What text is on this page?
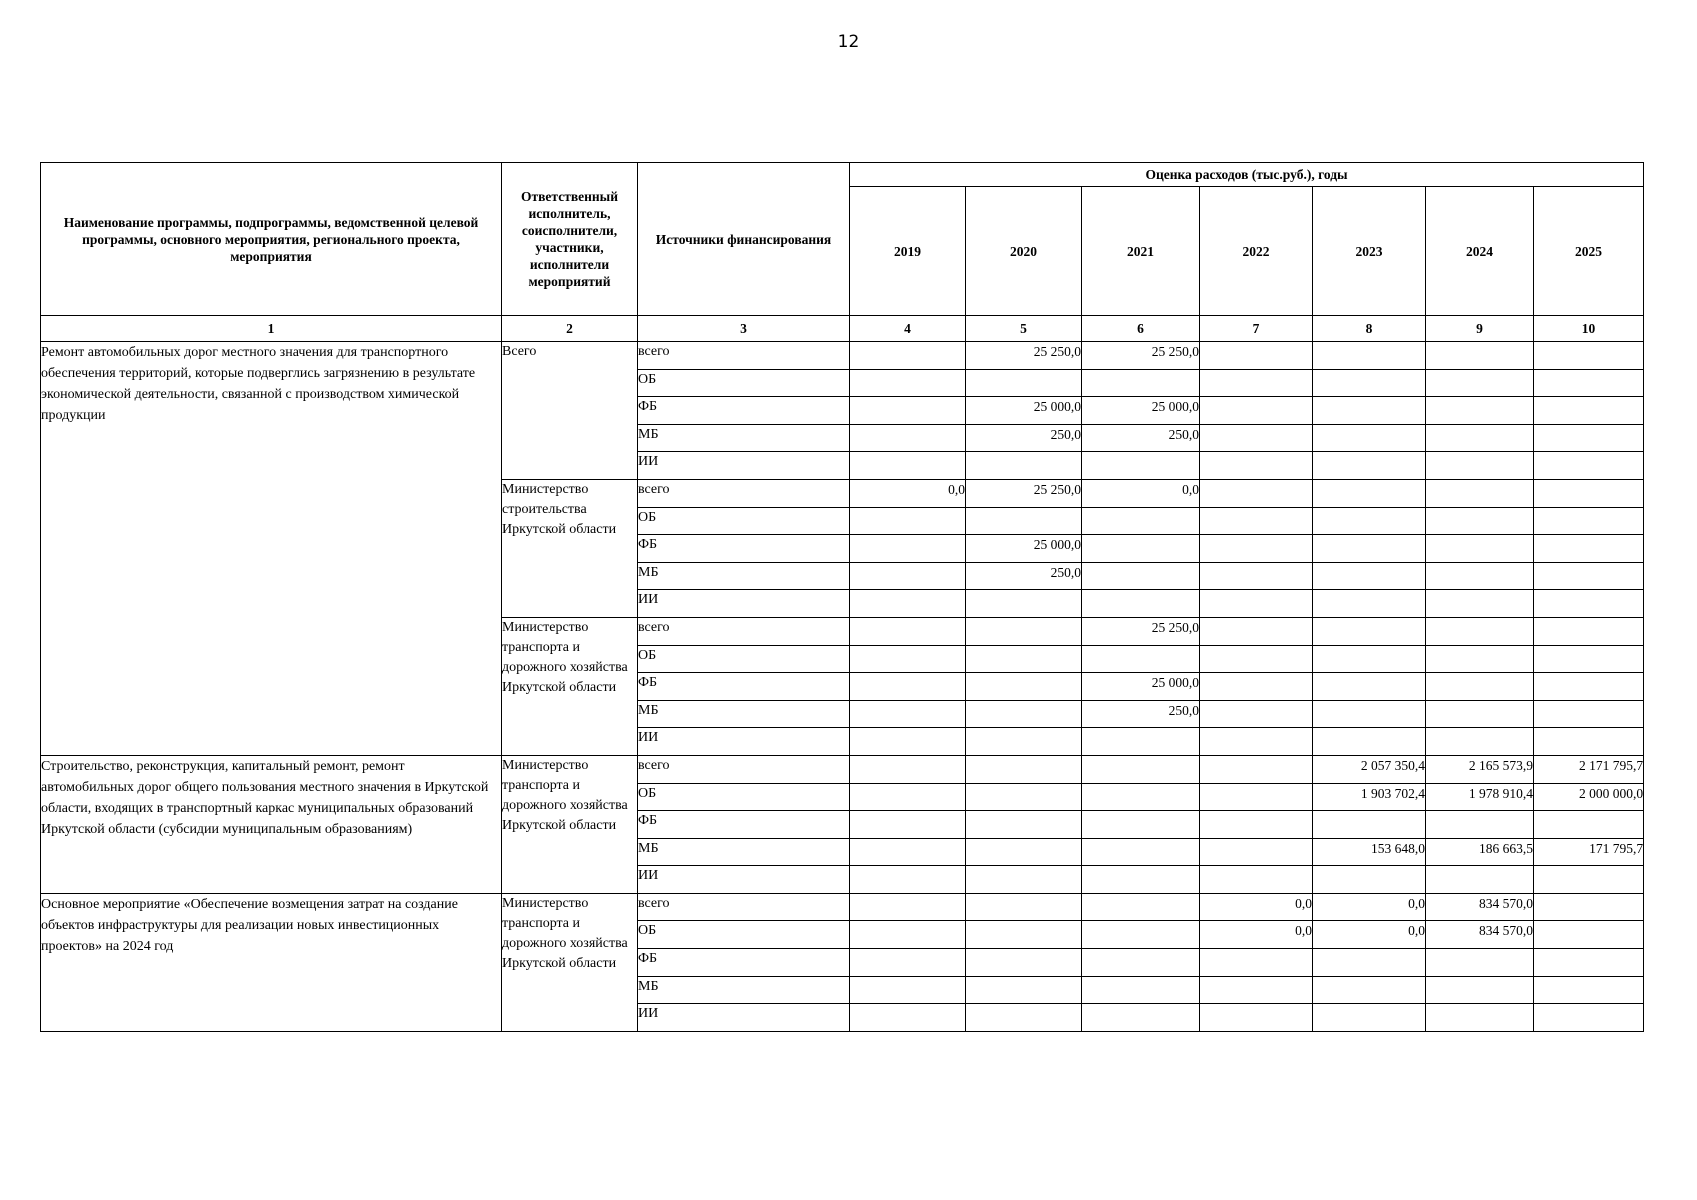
12
Наименование программы, подпрограммы, ведомственной целевой программы, основного мероприятия, регионального проекта, мероприятия	Ответственный исполнитель, соисполнители, участники, исполнители мероприятий	Источники финансирования	Оценка расходов (тыс.руб.), годы						
			2019	2020	2021	2022	2023	2024	2025
1	2	3	4	5	6	7	8	9	10
Ремонт автомобильных дорог местного значения для транспортного обеспечения территорий, которые подверглись загрязнению в результате экономической деятельности, связанной с производством химической продукции	Всего	всего		25 250,0	25 250,0				
		ОБ							
		ФБ		25 000,0	25 000,0				
		МБ		250,0	250,0				
		ИИ							
	Министерство строительства Иркутской области	всего	0,0	25 250,0	0,0				
		ОБ							
		ФБ		25 000,0					
		МБ		250,0					
		ИИ							
	Министерство транспорта и дорожного хозяйства Иркутской области	всего			25 250,0				
		ОБ							
		ФБ			25 000,0				
		МБ			250,0				
		ИИ							
Строительство, реконструкция, капитальный ремонт, ремонт автомобильных дорог общего пользования местного значения в Иркутской области, входящих в транспортный каркас муниципальных образований Иркутской области (субсидии муниципальным образованиям)	Министерство транспорта и дорожного хозяйства Иркутской области	всего					2 057 350,4	2 165 573,9	2 171 795,7
		ОБ					1 903 702,4	1 978 910,4	2 000 000,0
		ФБ							
		МБ					153 648,0	186 663,5	171 795,7
		ИИ							
Основное мероприятие «Обеспечение возмещения затрат на создание объектов инфраструктуры для реализации новых инвестиционных проектов» на 2024 год	Министерство транспорта и дорожного хозяйства Иркутской области	всего				0,0	0,0	834 570,0	
		ОБ				0,0	0,0	834 570,0	
		ФБ							
		МБ							
		ИИ							
